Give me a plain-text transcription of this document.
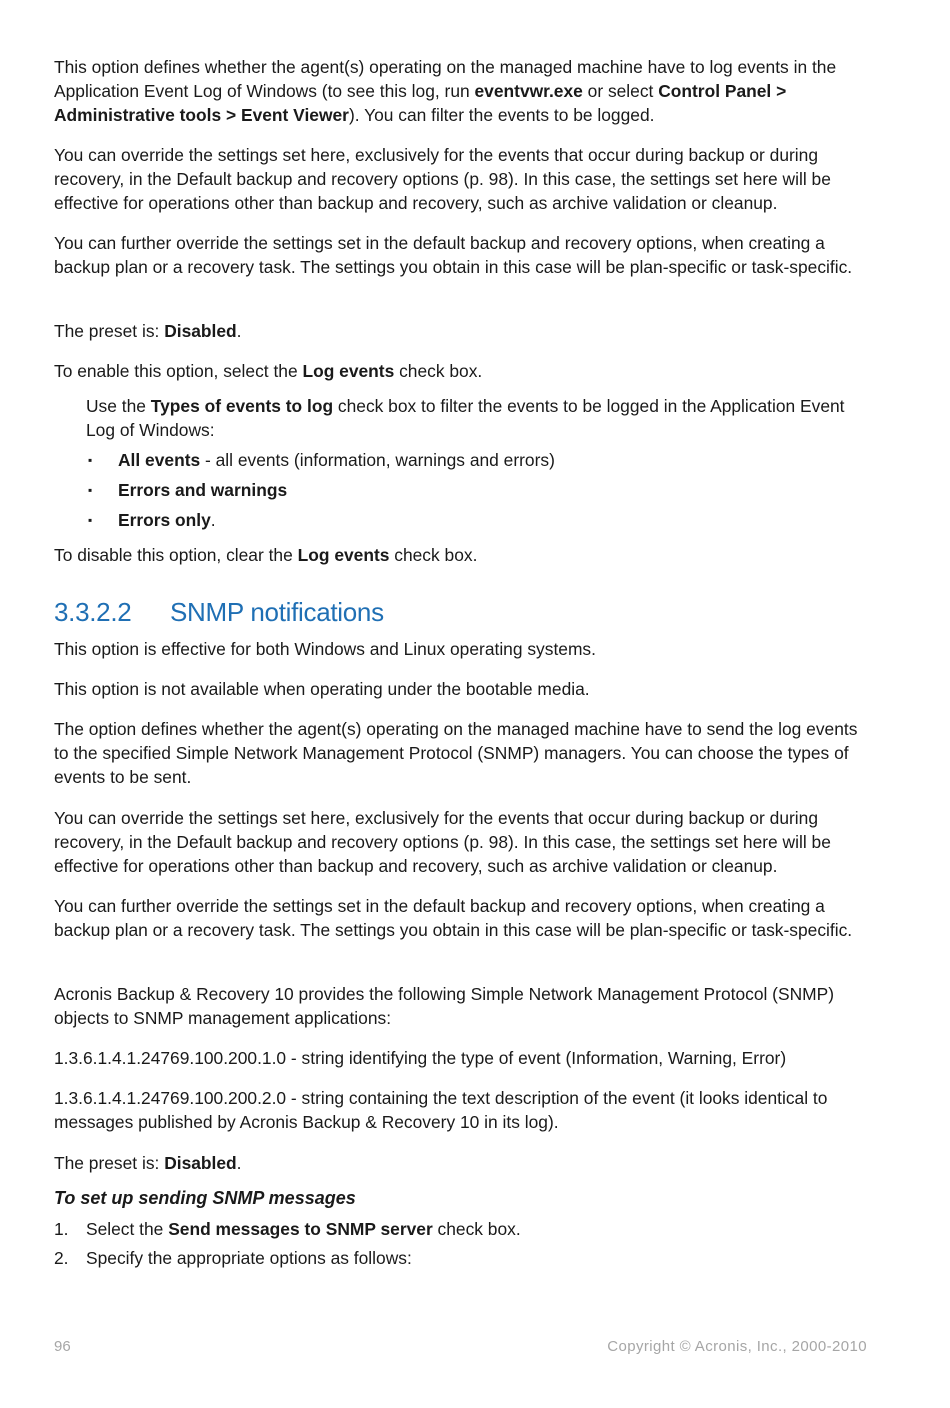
This option defines whether the agent(s) operating on the managed machine have to log events in the Application Event Log of Windows (to see this log, run eventvwr.exe or select Control Panel > Administrative tools > Event Viewer). You can filter the events to be logged.

You can override the settings set here, exclusively for the events that occur during backup or during recovery, in the Default backup and recovery options (p. 98). In this case, the settings set here will be effective for operations other than backup and recovery, such as archive validation or cleanup.

You can further override the settings set in the default backup and recovery options, when creating a backup plan or a recovery task. The settings you obtain in this case will be plan-specific or task-specific.

The preset is: Disabled.

To enable this option, select the Log events check box.

Use the Types of events to log check box to filter the events to be logged in the Application Event Log of Windows:

▪ All events - all events (information, warnings and errors)
▪ Errors and warnings
▪ Errors only.

To disable this option, clear the Log events check box.

3.3.2.2 SNMP notifications

This option is effective for both Windows and Linux operating systems.

This option is not available when operating under the bootable media.

The option defines whether the agent(s) operating on the managed machine have to send the log events to the specified Simple Network Management Protocol (SNMP) managers. You can choose the types of events to be sent.

You can override the settings set here, exclusively for the events that occur during backup or during recovery, in the Default backup and recovery options (p. 98). In this case, the settings set here will be effective for operations other than backup and recovery, such as archive validation or cleanup.

You can further override the settings set in the default backup and recovery options, when creating a backup plan or a recovery task. The settings you obtain in this case will be plan-specific or task-specific.

Acronis Backup & Recovery 10 provides the following Simple Network Management Protocol (SNMP) objects to SNMP management applications:

1.3.6.1.4.1.24769.100.200.1.0 - string identifying the type of event (Information, Warning, Error)

1.3.6.1.4.1.24769.100.200.2.0 - string containing the text description of the event (it looks identical to messages published by Acronis Backup & Recovery 10 in its log).

The preset is: Disabled.

To set up sending SNMP messages
1. Select the Send messages to SNMP server check box.
2. Specify the appropriate options as follows:
96	Copyright © Acronis, Inc., 2000-2010
